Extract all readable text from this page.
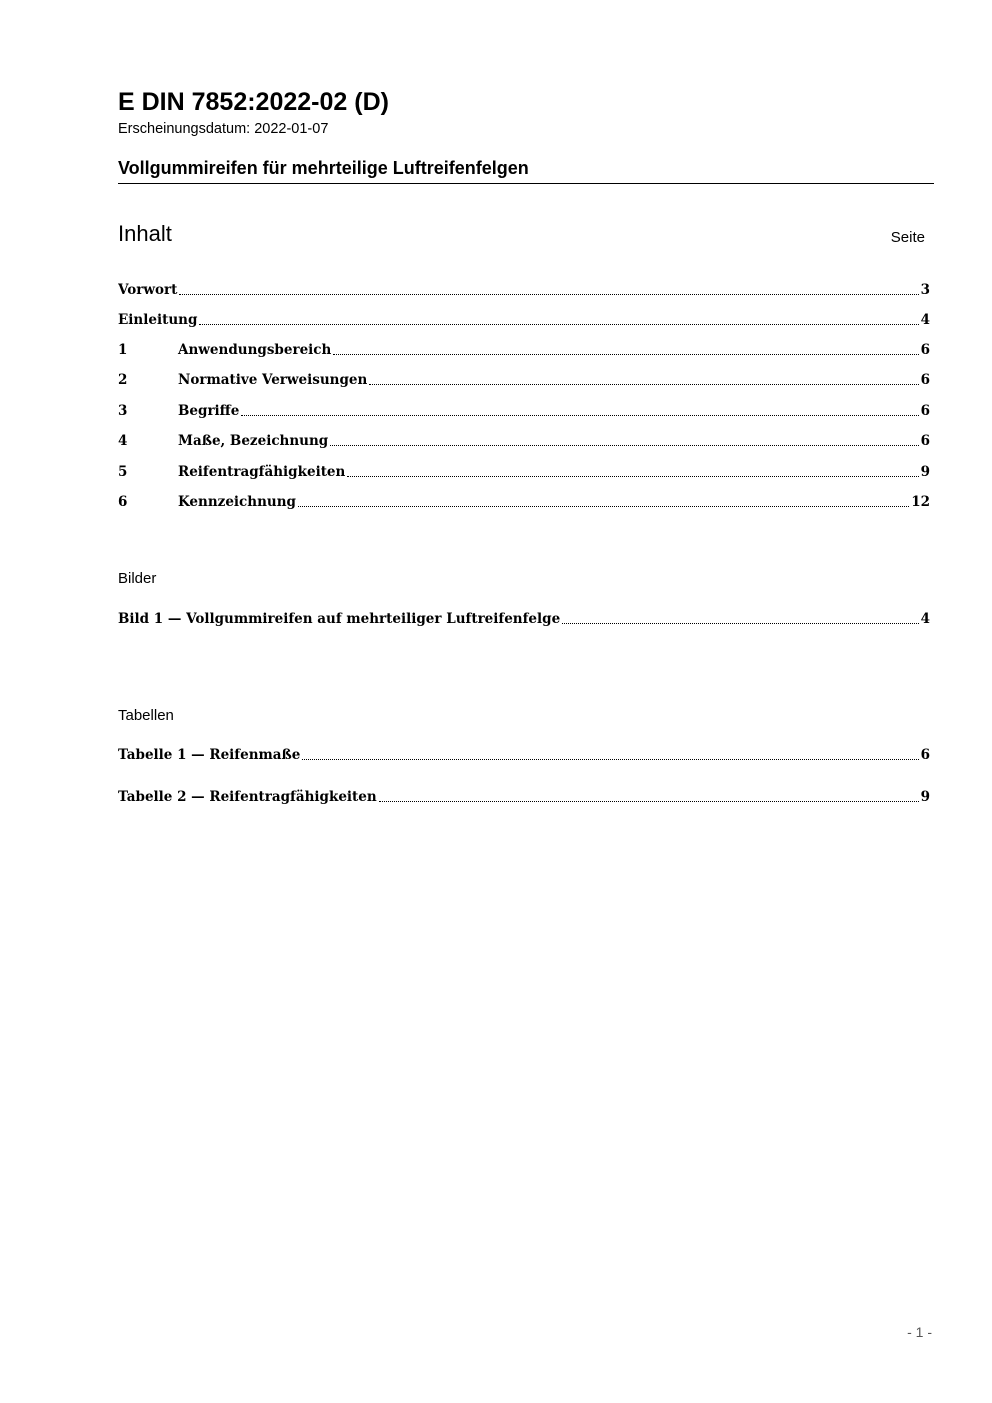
E DIN 7852:2022-02 (D)
Erscheinungsdatum: 2022-01-07
Vollgummireifen für mehrteilige Luftreifenfelgen
Inhalt	Seite
Vorwort	3
Einleitung	4
1	Anwendungsbereich	6
2	Normative Verweisungen	6
3	Begriffe	6
4	Maße, Bezeichnung	6
5	Reifentragfähigkeiten	9
6	Kennzeichnung	12
Bilder
Bild 1 — Vollgummireifen auf mehrteiliger Luftreifenfelge	4
Tabellen
Tabelle 1 — Reifenmaße	6
Tabelle 2 — Reifentragfähigkeiten	9
- 1 -
